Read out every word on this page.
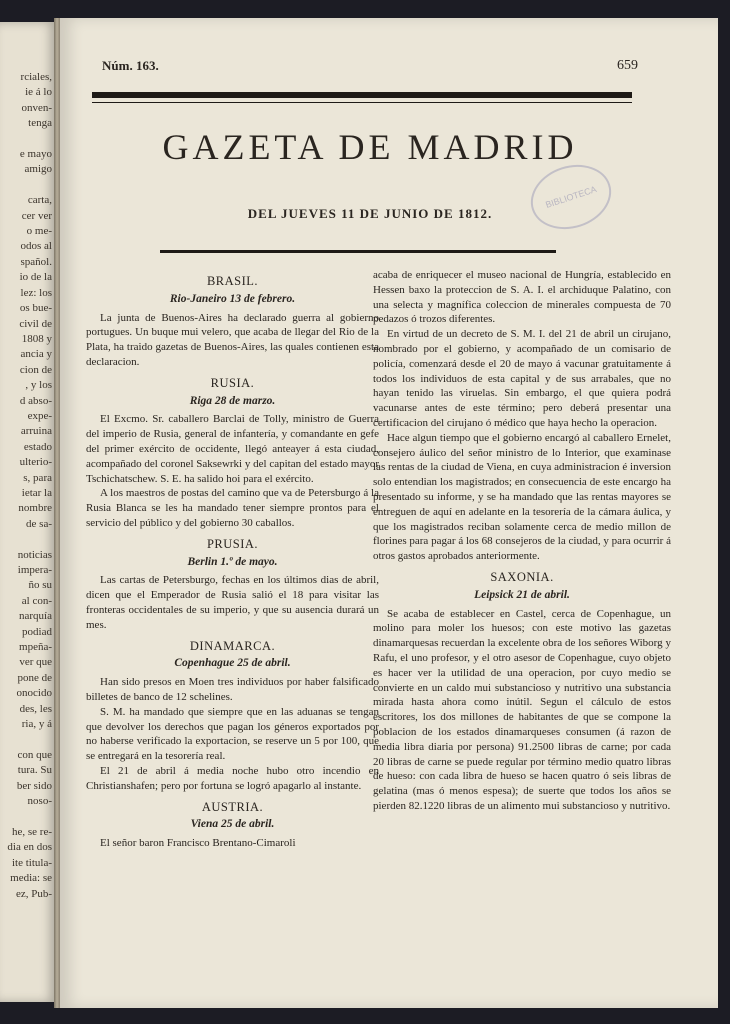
rciales,
ie á lo
onven-
tenga

e mayo
amigo

carta,
cer ver
o me-
odos al
spañol.
io de la
lez: los
os bue-
civil de
1808 y
ancia y
cion de
, y los
d abso-
expe-
arruina
estado
ulterio-
s, para
ietar la
nombre
de sa-

noticias
impera-
ño su
al con-
narquía
podiad
mpeña-
ver que
pone de
onocido
des, les
ria, y á

con que
tura. Su
ber sido
noso-

he, se re-
dia en dos
ite titula-
media: se
ez, Pub-
Núm. 163.	659
BIBLIOTECA
GAZETA DE MADRID
DEL JUEVES 11 DE JUNIO DE 1812.

BRASIL.

Rio-Janeiro 13 de febrero.

La junta de Buenos-Aires ha declarado guerra al gobierno portugues. Un buque mui velero, que acaba de llegar del Rio de la Plata, ha traido gazetas de Buenos-Aires, las quales contienen esta declaracion.

RUSIA.

Riga 28 de marzo.

El Excmo. Sr. caballero Barclai de Tolly, ministro de Guerra del imperio de Rusia, general de infantería, y comandante en gefe del primer exército de occidente, llegó anteayer á esta ciudad, acompañado del coronel Saksewrki y del capitan del estado mayor Tschichatschew. S. E. ha salido hoi para el exército.

A los maestros de postas del camino que va de Petersburgo á la Rusia Blanca se les ha mandado tener siempre prontos para el servicio del público y del gobierno 30 caballos.

PRUSIA.

Berlin 1.º de mayo.

Las cartas de Petersburgo, fechas en los últimos dias de abril, dicen que el Emperador de Rusia salió el 18 para visitar las fronteras occidentales de su imperio, y que su ausencia durará un mes.

DINAMARCA.

Copenhague 25 de abril.

Han sido presos en Moen tres individuos por haber falsificado billetes de banco de 12 schelines.

S. M. ha mandado que siempre que en las aduanas se tengan que devolver los derechos que pagan los géneros exportados por no haberse verificado la exportacion, se reserve un 5 por 100, que se entregará en la tesorería real.

El 21 de abril á media noche hubo otro incendio en Christianshafen; pero por fortuna se logró apagarlo al instante.

AUSTRIA.

Viena 25 de abril.

El señor baron Francisco Brentano-Cimaroli

acaba de enriquecer el museo nacional de Hungría, establecido en Hessen baxo la proteccion de S. A. I. el archiduque Palatino, con una selecta y magnífica coleccion de minerales compuesta de 70 pedazos ó trozos diferentes.

En virtud de un decreto de S. M. I. del 21 de abril un cirujano, nombrado por el gobierno, y acompañado de un comisario de policía, comenzará desde el 20 de mayo á vacunar gratuitamente á todos los individuos de esta capital y de sus arrabales, que no hayan tenido las viruelas. Sin embargo, el que quiera podrá vacunarse antes de este término; pero deberá presentar una certificacion del cirujano ó médico que haya hecho la operacion.

Hace algun tiempo que el gobierno encargó al caballero Ernelet, consejero áulico del señor ministro de lo Interior, que examinase las rentas de la ciudad de Viena, en cuya administracion é inversion solo entendian los magistrados; en consecuencia de este encargo ha presentado su informe, y se ha mandado que las rentas mayores se entreguen de aquí en adelante en la tesorería de la cámara áulica, y que los magistrados reciban solamente cerca de medio millon de florines para pagar á los 68 consejeros de la ciudad, y para ocurrir á otros gastos aprobados anteriormente.

SAXONIA.

Leipsick 21 de abril.

Se acaba de establecer en Castel, cerca de Copenhague, un molino para moler los huesos; con este motivo las gazetas dinamarquesas recuerdan la excelente obra de los señores Wiborg y Rafu, el uno profesor, y el otro asesor de Copenhague, cuyo objeto es hacer ver la utilidad de una operacion, por cuyo medio se convierte en un caldo mui substancioso y nutritivo una substancia mirada hasta ahora como inútil. Segun el cálculo de estos escritores, los dos millones de habitantes de que se compone la poblacion de los estados dinamarqueses consumen (á razon de media libra diaria por persona) 91.2500 libras de carne; por cada 20 libras de carne se puede regular por término medio quatro libras de hueso: con cada libra de hueso se hacen quatro ó seis libras de gelatina (mas ó menos espesa); de suerte que todos los años se pierden 82.1220 libras de un alimento mui substancioso y nutritivo.
